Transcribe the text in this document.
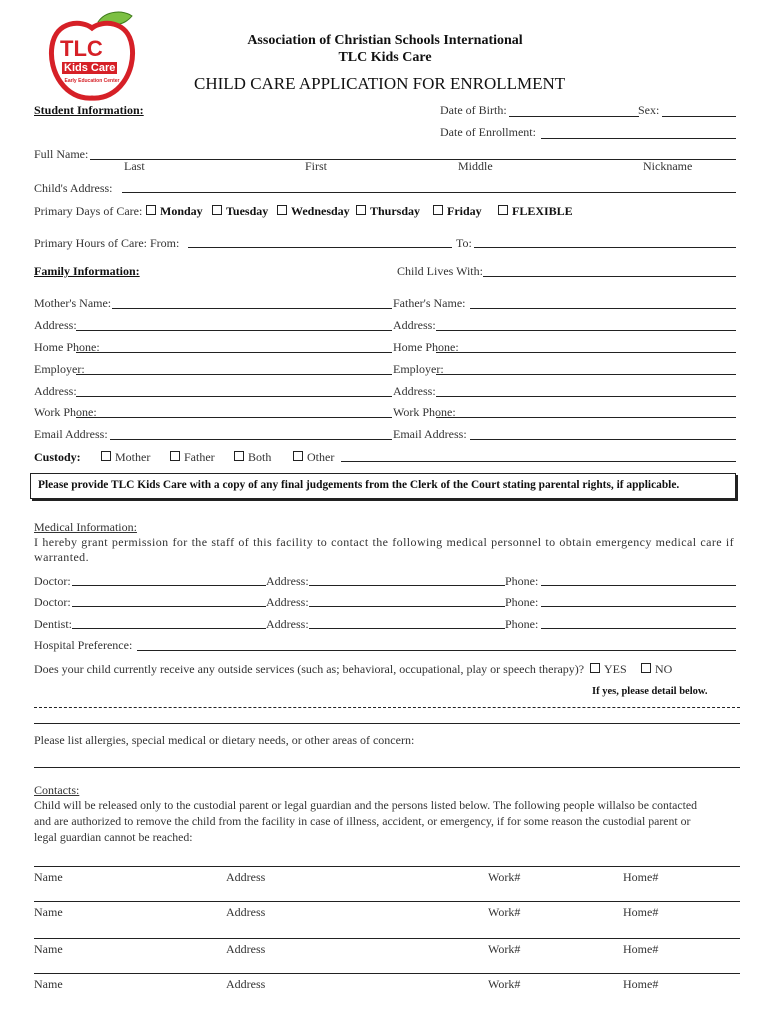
TLC
Kids Care
Early Education Center
Association of Christian Schools International
TLC Kids Care
CHILD CARE APPLICATION FOR ENROLLMENT
Student Information:	Date of Birth:	Sex:
Date of Enrollment:
Full Name:
Last	First	Middle	Nickname
Child's Address:
Primary Days of Care:	Monday	Tuesday	Wednesday	Thursday	Friday	FLEXIBLE
Primary Hours of Care: From:	To:
Family Information:	Child Lives With:
Mother's Name:	Father's Name:
Address:	Address:
Home Phone:	Home Phone:
Employer:	Employer:
Address:	Address:
Work Phone:	Work Phone:
Email Address:	Email Address:
Custody:	Mother	Father	Both	Other
Please provide TLC Kids Care with a copy of any final judgements from the Clerk of the Court stating parental rights, if applicable.
Medical Information:
I hereby grant permission for the staff of this facility to contact the following medical personnel to obtain emergency medical care if warranted.
Doctor:	Address:	Phone:
Doctor:	Address:	Phone:
Dentist:	Address:	Phone:
Hospital Preference:
Does your child currently receive any outside services (such as; behavioral, occupational, play or speech therapy)?	YES	NO
If yes, please detail below.
Please list allergies, special medical or dietary needs, or other areas of concern:
Contacts:
Child will be released only to the custodial parent or legal guardian and the persons listed below. The following people willalso be contacted
and are authorized to remove the child from the facility in case of illness, accident, or emergency, if for some reason the custodial parent or
legal guardian cannot be reached:
Name	Address	Work#	Home#
Name	Address	Work#	Home#
Name	Address	Work#	Home#
Name	Address	Work#	Home#
